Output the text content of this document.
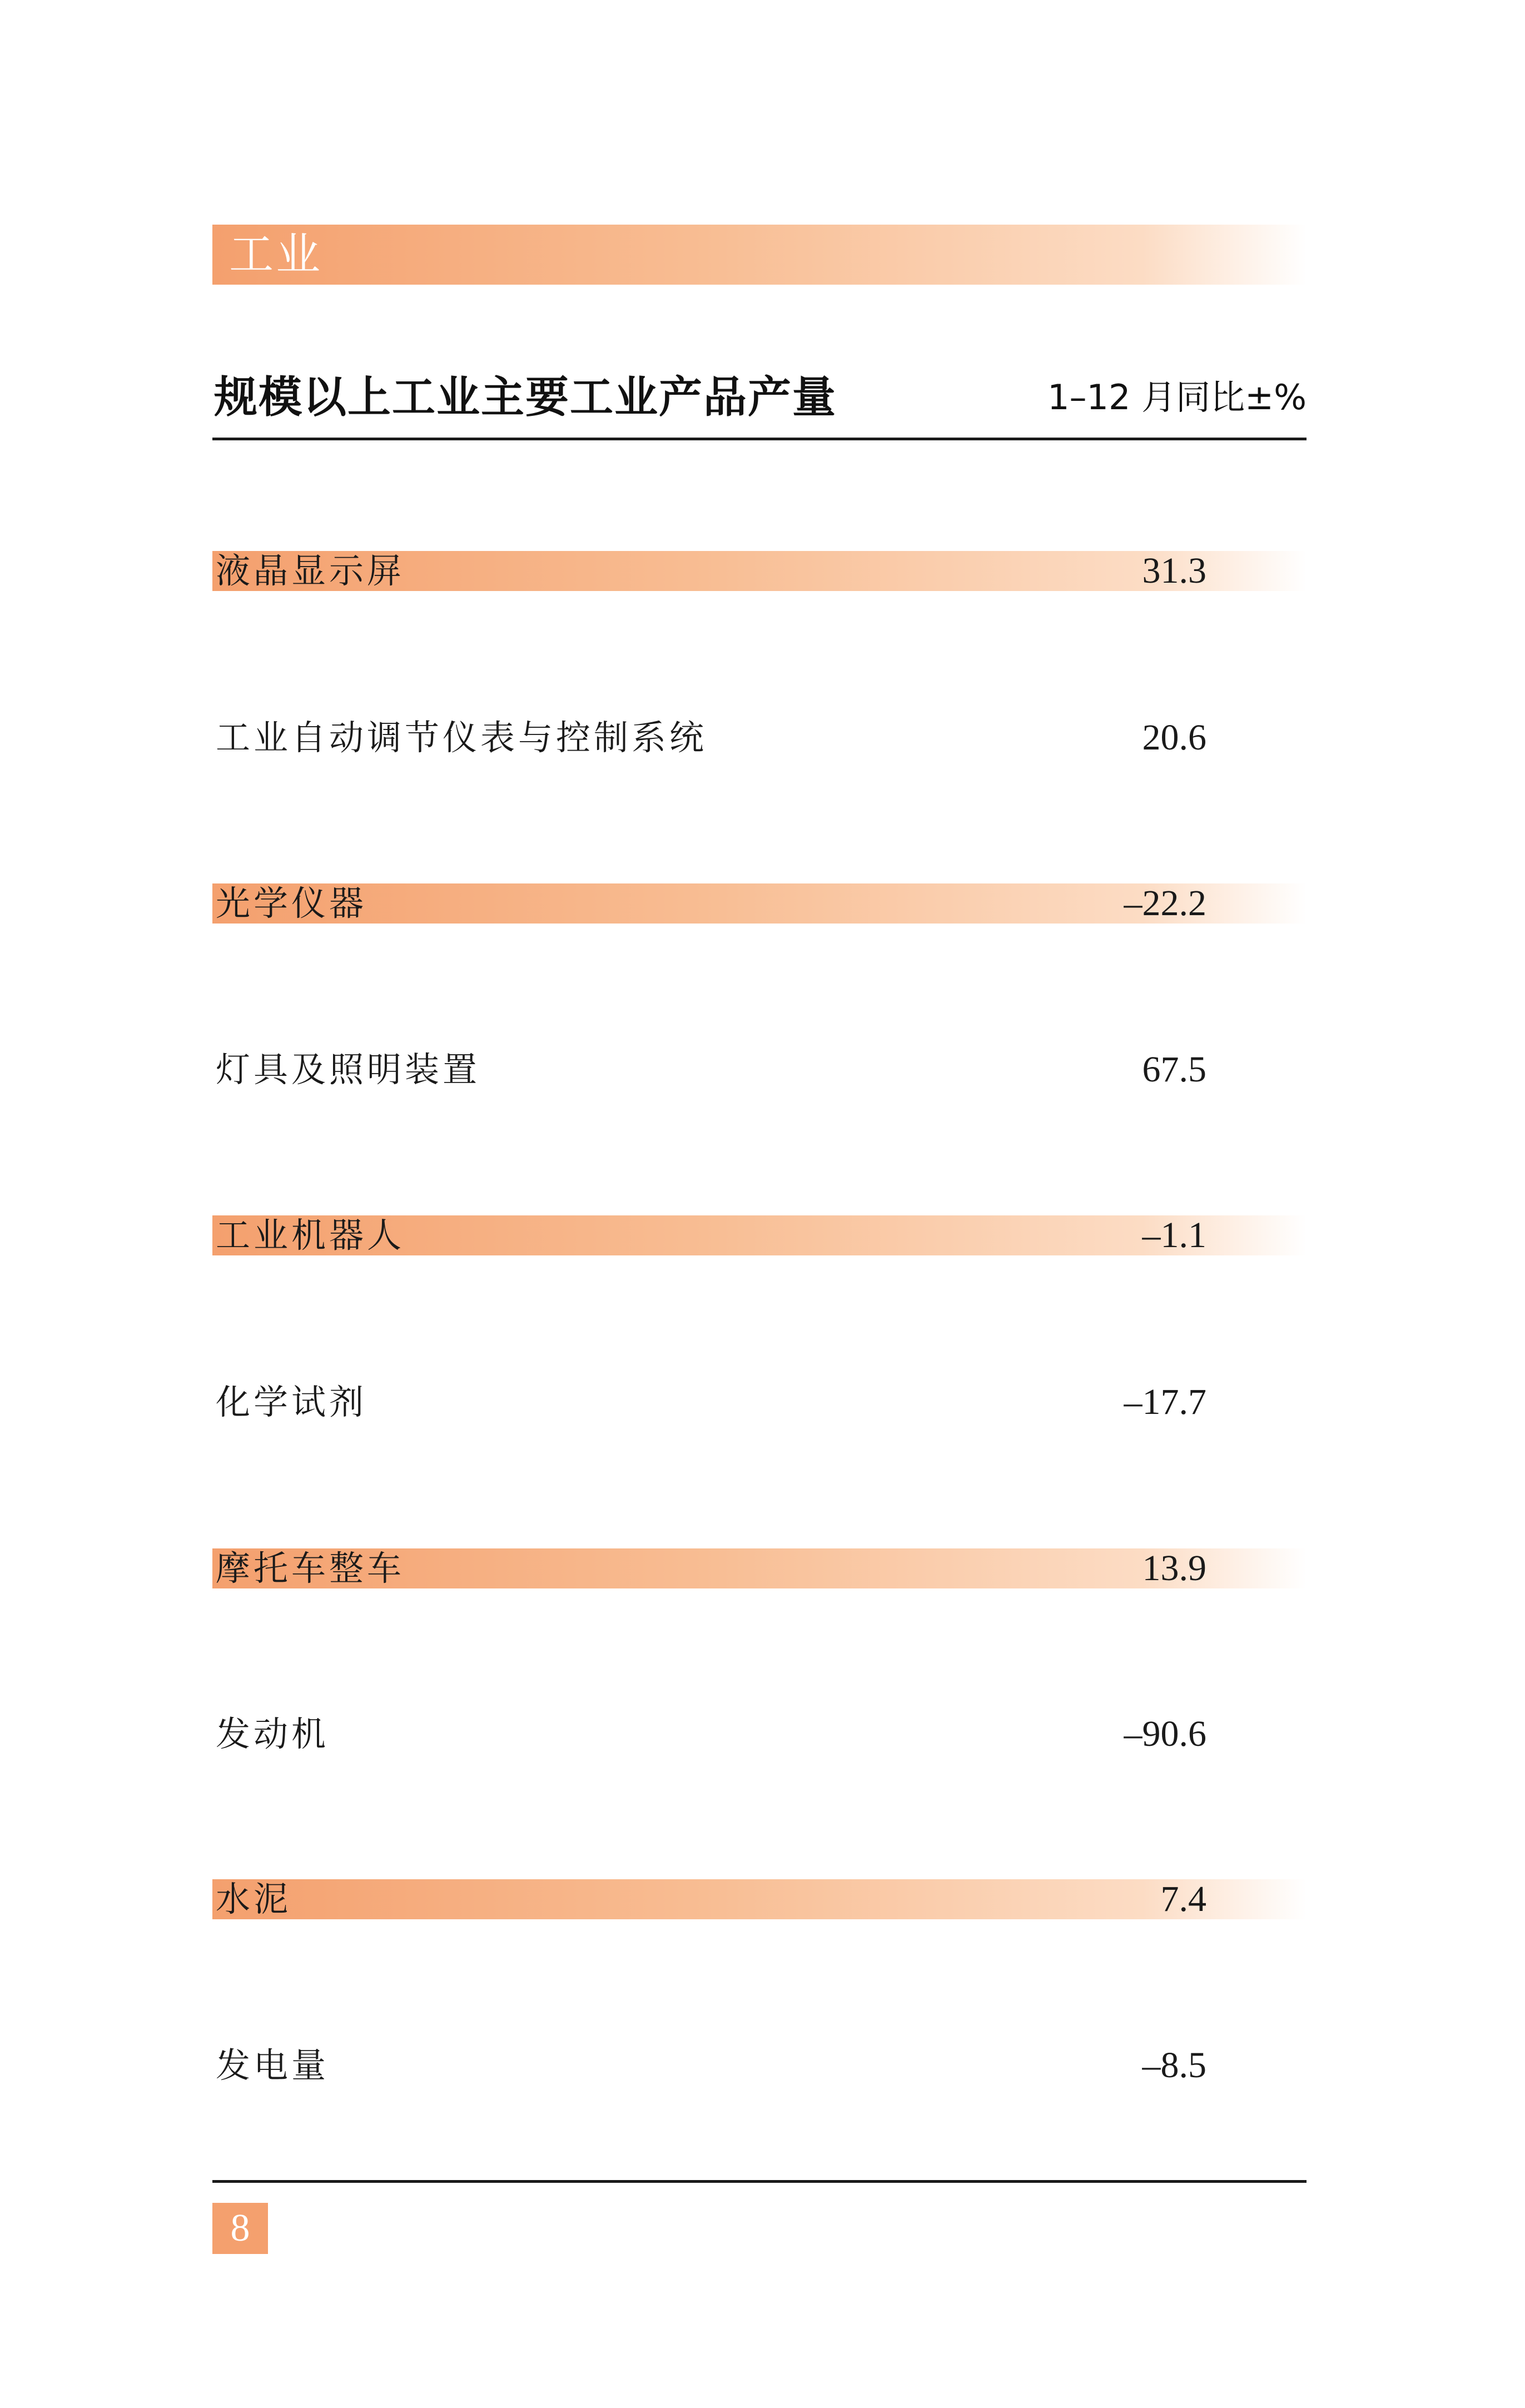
工业
规模以上工业主要工业产品产量	1–12 月同比±%
液晶显示屏	31.3
工业自动调节仪表与控制系统	20.6
光学仪器	–22.2
灯具及照明装置	67.5
工业机器人	–1.1
化学试剂	–17.7
摩托车整车	13.9
发动机	–90.6
水泥	7.4
发电量	–8.5
8
